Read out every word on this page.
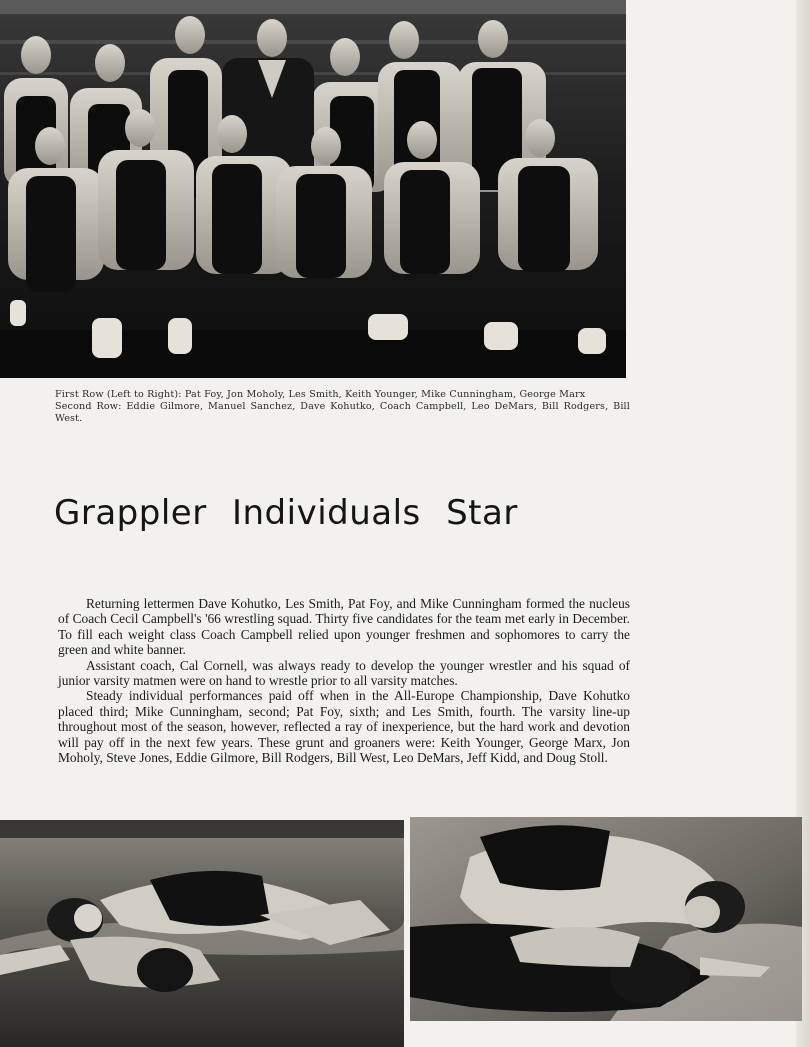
First Row (Left to Right): Pat Foy, Jon Moholy, Les Smith, Keith Younger, Mike Cunningham, George Marx

Second Row: Eddie Gilmore, Manuel Sanchez, Dave Kohutko, Coach Campbell, Leo DeMars, Bill Rodgers, Bill West.

Grappler Individuals Star

Returning lettermen Dave Kohutko, Les Smith, Pat Foy, and Mike Cunningham formed the nucleus of Coach Cecil Campbell's '66 wrestling squad. Thirty five candidates for the team met early in December. To fill each weight class Coach Campbell relied upon younger freshmen and sophomores to carry the green and white banner.

Assistant coach, Cal Cornell, was always ready to develop the younger wrestler and his squad of junior varsity matmen were on hand to wrestle prior to all varsity matches.

Steady individual performances paid off when in the All-Europe Championship, Dave Kohutko placed third; Mike Cunningham, second; Pat Foy, sixth; and Les Smith, fourth. The varsity line-up throughout most of the season, however, reflected a ray of inexperience, but the hard work and devotion will pay off in the next few years. These grunt and groaners were: Keith Younger, George Marx, Jon Moholy, Steve Jones, Eddie Gilmore, Bill Rodgers, Bill West, Leo DeMars, Jeff Kidd, and Doug Stoll.
